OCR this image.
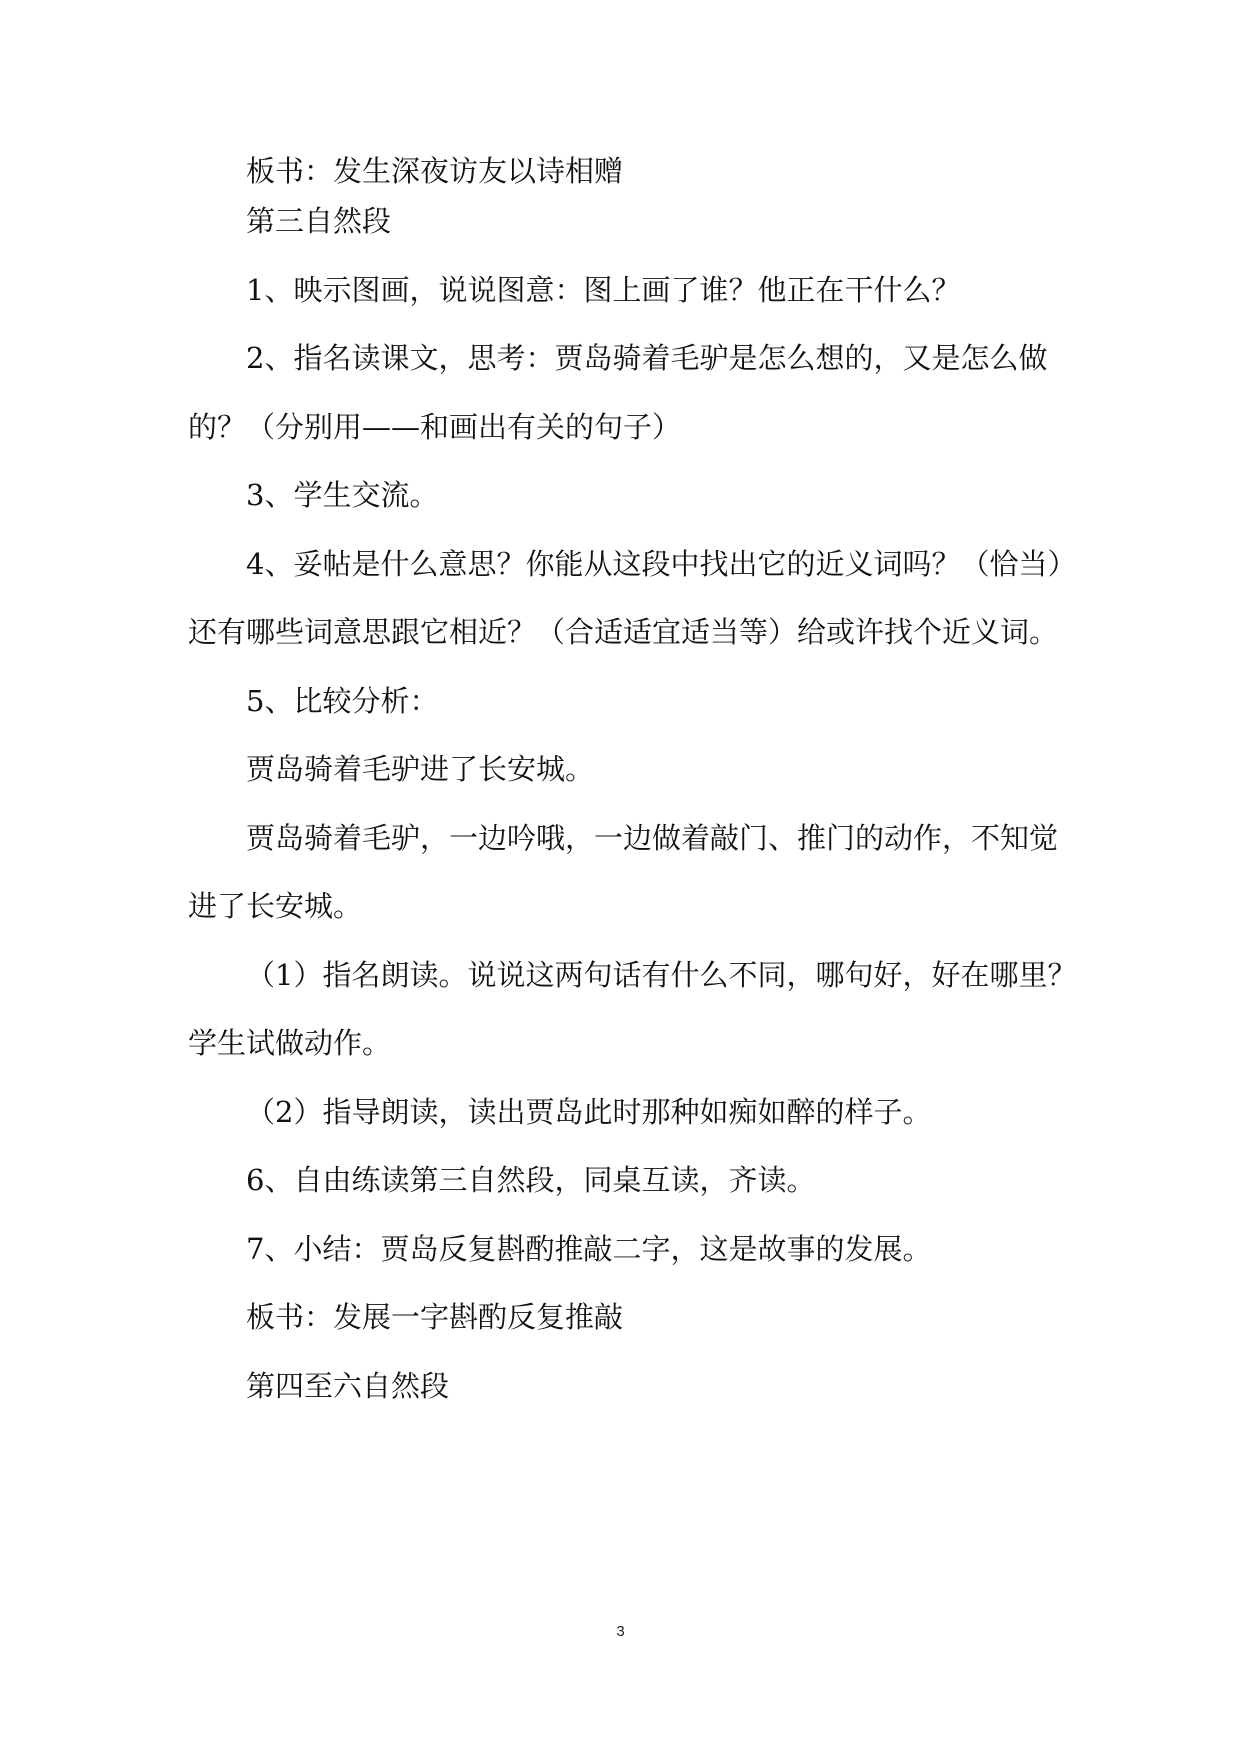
板书：发生深夜访友以诗相赠
第三自然段
1、映示图画，说说图意：图上画了谁？他正在干什么？
2、指名读课文，思考：贾岛骑着毛驴是怎么想的，又是怎么做
的？（分别用——和画出有关的句子）
3、学生交流。
4、妥帖是什么意思？你能从这段中找出它的近义词吗？（恰当）
还有哪些词意思跟它相近？（合适适宜适当等）给或许找个近义词。
5、比较分析：
贾岛骑着毛驴进了长安城。
贾岛骑着毛驴，一边吟哦，一边做着敲门、推门的动作，不知觉
进了长安城。
（1）指名朗读。说说这两句话有什么不同，哪句好，好在哪里？
学生试做动作。
（2）指导朗读，读出贾岛此时那种如痴如醉的样子。
6、自由练读第三自然段，同桌互读，齐读。
7、小结：贾岛反复斟酌推敲二字，这是故事的发展。
板书：发展一字斟酌反复推敲
第四至六自然段
3
